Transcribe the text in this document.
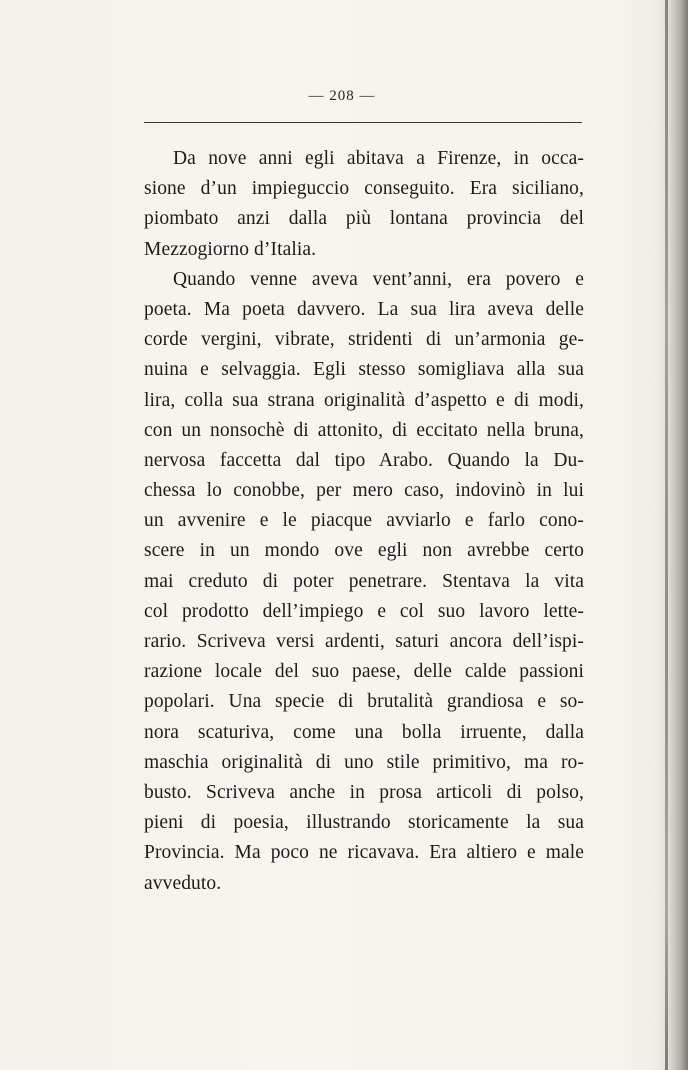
— 208 —
Da nove anni egli abitava a Firenze, in occa-
sione d’un impieguccio conseguito. Era siciliano,
piombato anzi dalla più lontana provincia del
Mezzogiorno d’Italia.
Quando venne aveva vent’anni, era povero e
poeta. Ma poeta davvero. La sua lira aveva delle
corde vergini, vibrate, stridenti di un’armonia ge-
nuina e selvaggia. Egli stesso somigliava alla sua
lira, colla sua strana originalità d’aspetto e di modi,
con un nonsochè di attonito, di eccitato nella bruna,
nervosa faccetta dal tipo Arabo. Quando la Du-
chessa lo conobbe, per mero caso, indovinò in lui
un avvenire e le piacque avviarlo e farlo cono-
scere in un mondo ove egli non avrebbe certo
mai creduto di poter penetrare. Stentava la vita
col prodotto dell’impiego e col suo lavoro lette-
rario. Scriveva versi ardenti, saturi ancora dell’ispi-
razione locale del suo paese, delle calde passioni
popolari. Una specie di brutalità grandiosa e so-
nora scaturiva, come una bolla irruente, dalla
maschia originalità di uno stile primitivo, ma ro-
busto. Scriveva anche in prosa articoli di polso,
pieni di poesia, illustrando storicamente la sua
Provincia. Ma poco ne ricavava. Era altiero e male
avveduto.
